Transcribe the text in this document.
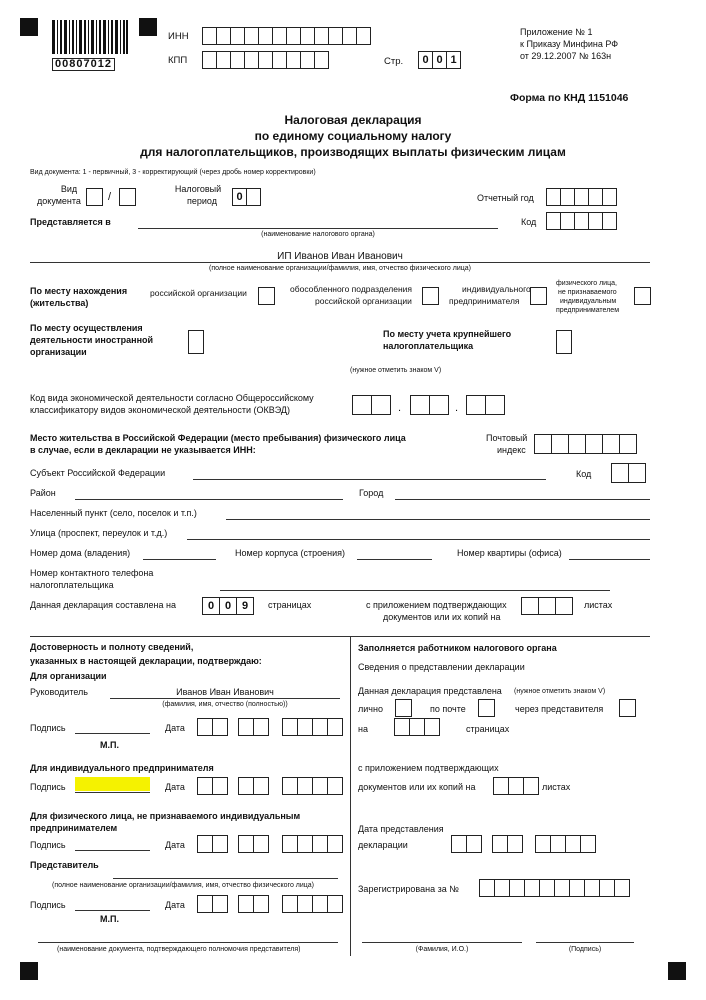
00807012
ИНН
КПП	Стр.	0 0 1
Приложение № 1
к Приказу Минфина РФ
от 29.12.2007 № 163н
Форма по КНД 1151046
Налоговая декларация
по единому социальному налогу
для налогоплательщиков, производящих выплаты физическим лицам
Вид документа: 1 - первичный, 3 - корректирующий (через дробь номер корректировки)
Вид
документа	/
Налоговый
период	0	Отчетный год
Представляется в
(наименование налогового органа)
Код
ИП Иванов Иван Иванович
(полное наименование организации/фамилия, имя, отчество физического лица)
По месту нахождения
(жительства)
российской организации	обособленного подразделения
российской организации
индивидуального
предпринимателя
физического лица,
не признаваемого
индивидуальным
предпринимателем
По месту осуществления
деятельности иностранной
организации
По месту учета крупнейшего
налогоплательщика
(нужное отметить знаком V)
Код вида экономической деятельности согласно Общероссийскому
классификатору видов экономической деятельности (ОКВЭД)	.	.
Место жительства в Российской Федерации (место пребывания) физического лица
в случае, если в декларации не указывается ИНН:
Почтовый
индекс
Субъект Российской Федерации	Код
Район	Город
Населенный пункт (село, поселок и т.п.)
Улица (проспект, переулок и т.д.)
Номер дома (владения)	Номер корпуса (строения)	Номер квартиры (офиса)
Номер контактного телефона
налогоплательщика
Данная декларация составлена на	0 0 9	страницах	с приложением подтверждающих
документов или их копий на
листах
Достоверность и полноту сведений,
указанных в настоящей декларации, подтверждаю:
Для организации
Руководитель	Иванов Иван Иванович
(фамилия, имя, отчество (полностью))
Подпись	Дата
М.П.
Для индивидуального предпринимателя
Подпись	Дата
Для физического лица, не признаваемого индивидуальным
предпринимателем
Подпись	Дата
Представитель
(полное наименование организации/фамилия, имя, отчество физического лица)
Подпись	Дата
М.П.
(наименование документа, подтверждающего полномочия представителя)
Заполняется работником налогового органа
Сведения о представлении декларации
Данная декларация представлена (нужное отметить знаком V)
лично	по почте	через представителя
на	страницах
с приложением подтверждающих
документов или их копий на	листах
Дата представления
декларации
Зарегистрирована за №
(Фамилия, И.О.)	(Подпись)
